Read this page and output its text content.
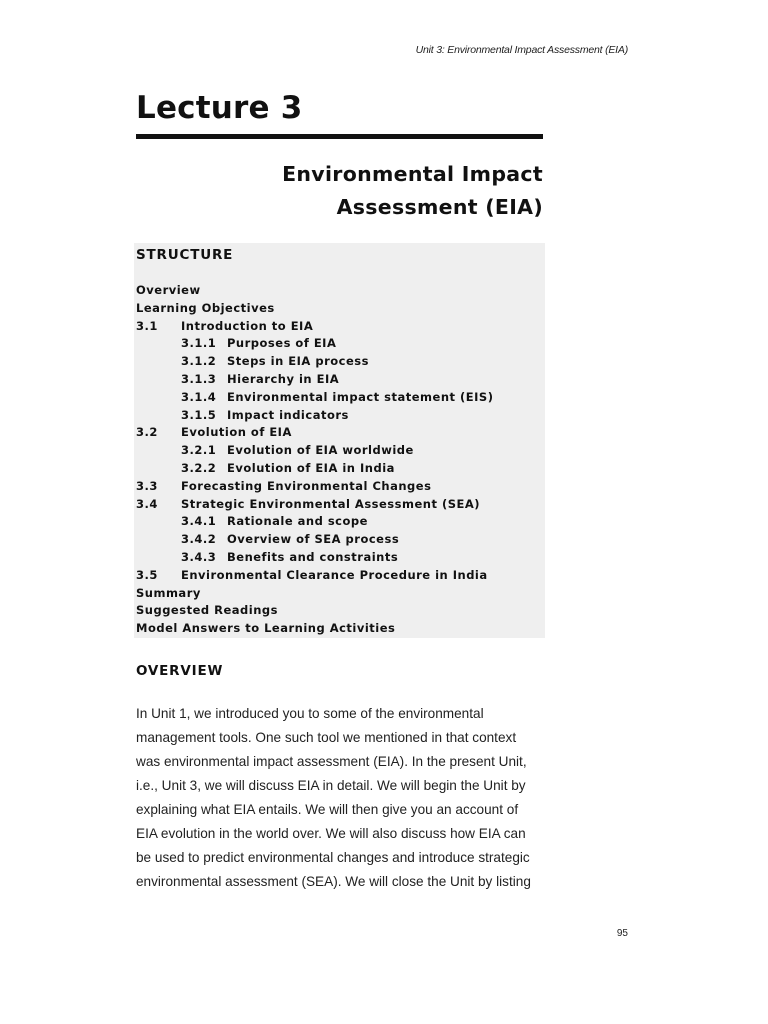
Unit 3: Environmental Impact Assessment (EIA)
Lecture 3
Environmental Impact
Assessment (EIA)
STRUCTURE
Overview
Learning Objectives
3.1 Introduction to EIA
3.1.1 Purposes of EIA
3.1.2 Steps in EIA process
3.1.3 Hierarchy in EIA
3.1.4 Environmental impact statement (EIS)
3.1.5 Impact indicators
3.2 Evolution of EIA
3.2.1 Evolution of EIA worldwide
3.2.2 Evolution of EIA in India
3.3 Forecasting Environmental Changes
3.4 Strategic Environmental Assessment (SEA)
3.4.1 Rationale and scope
3.4.2 Overview of SEA process
3.4.3 Benefits and constraints
3.5 Environmental Clearance Procedure in India
Summary
Suggested Readings
Model Answers to Learning Activities
OVERVIEW

In Unit 1, we introduced you to some of the environmental
management tools. One such tool we mentioned in that context
was environmental impact assessment (EIA). In the present Unit,
i.e., Unit 3, we will discuss EIA in detail. We will begin the Unit by
explaining what EIA entails. We will then give you an account of
EIA evolution in the world over. We will also discuss how EIA can
be used to predict environmental changes and introduce strategic
environmental assessment (SEA). We will close the Unit by listing

95
